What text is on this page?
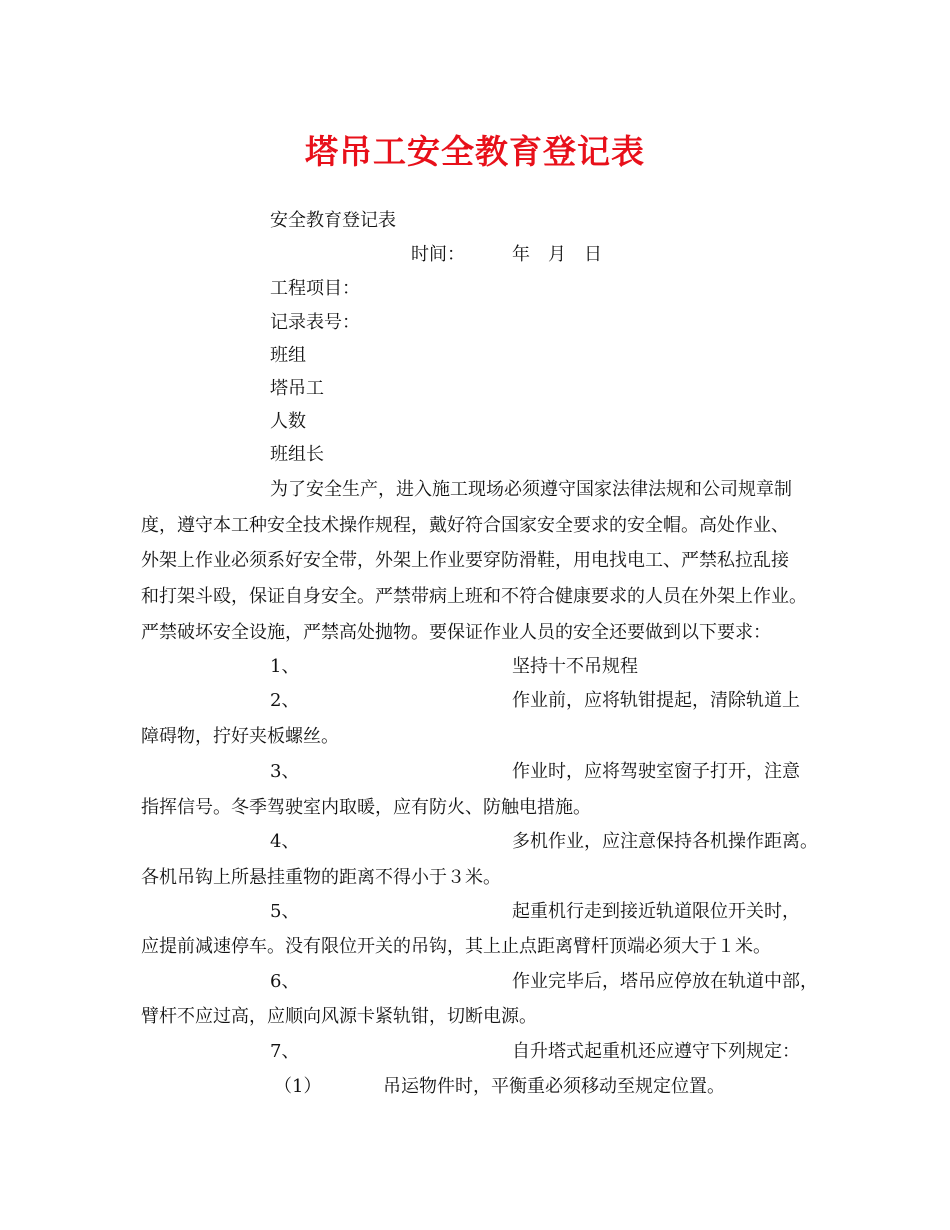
塔吊工安全教育登记表
安全教育登记表
时间：	年　月　日
工程项目：
记录表号：
班组
塔吊工
人数
班组长
为了安全生产，进入施工现场必须遵守国家法律法规和公司规章制
度，遵守本工种安全技术操作规程，戴好符合国家安全要求的安全帽。高处作业、
外架上作业必须系好安全带，外架上作业要穿防滑鞋，用电找电工、严禁私拉乱接
和打架斗殴，保证自身安全。严禁带病上班和不符合健康要求的人员在外架上作业。
严禁破坏安全设施，严禁高处抛物。要保证作业人员的安全还要做到以下要求：
1、	坚持十不吊规程
2、	作业前，应将轨钳提起，清除轨道上
障碍物，拧好夹板螺丝。
3、	作业时，应将驾驶室窗子打开，注意
指挥信号。冬季驾驶室内取暖，应有防火、防触电措施。
4、	多机作业，应注意保持各机操作距离。
各机吊钩上所悬挂重物的距离不得小于３米。
5、	起重机行走到接近轨道限位开关时，
应提前减速停车。没有限位开关的吊钩，其上止点距离臂杆顶端必须大于１米。
6、	作业完毕后，塔吊应停放在轨道中部，
臂杆不应过高，应顺向风源卡紧轨钳，切断电源。
7、	自升塔式起重机还应遵守下列规定：
（1）	吊运物件时，平衡重必须移动至规定位置。
